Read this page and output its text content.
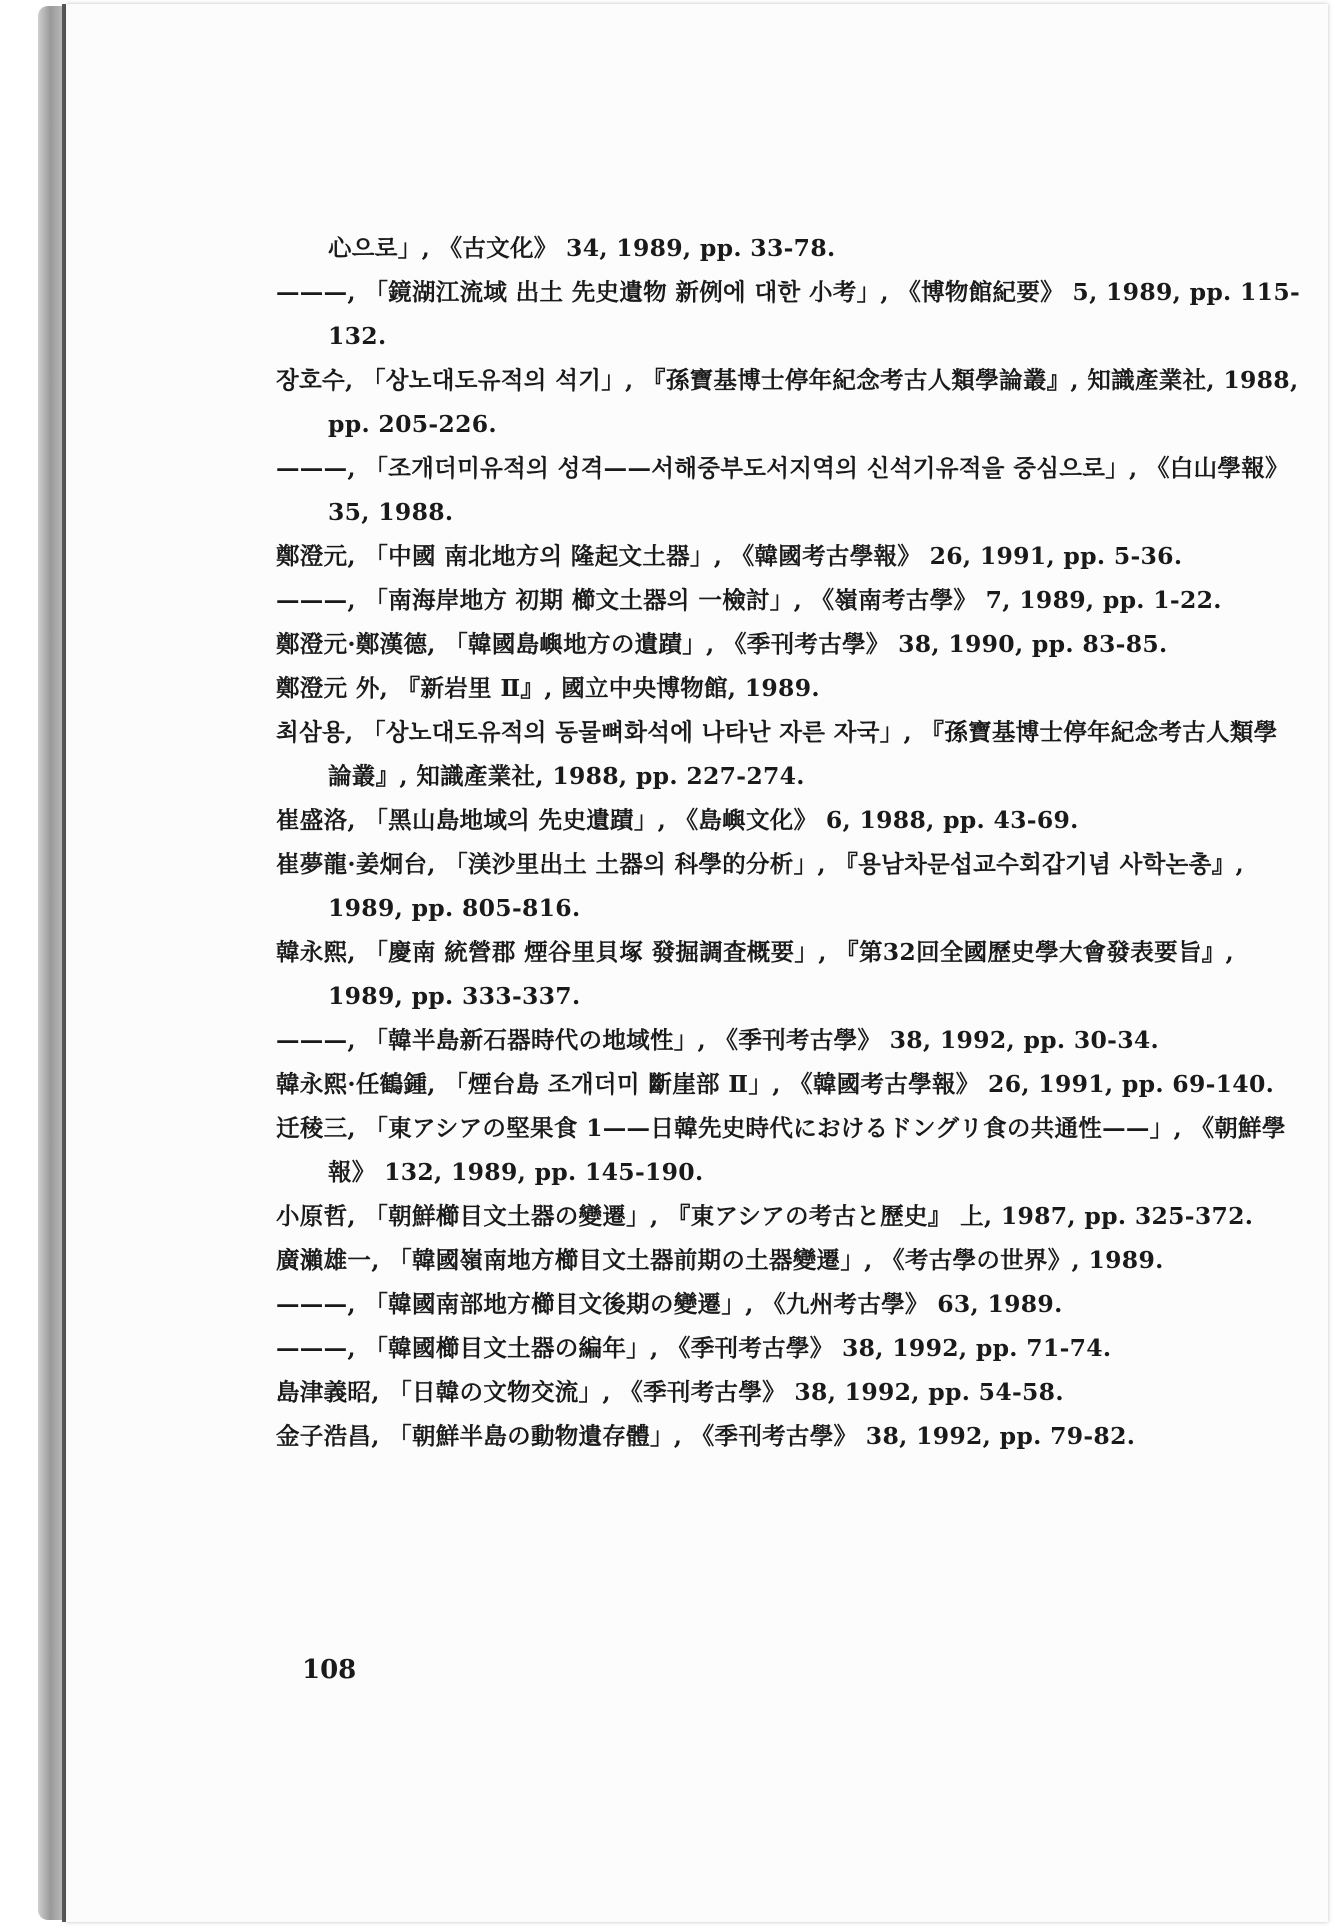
心으로」, 《古文化》 34, 1989, pp. 33-78.

———, 「鏡湖江流域 出土 先史遺物 新例에 대한 小考」, 《博物館紀要》 5, 1989, pp. 115-132.

장호수, 「상노대도유적의 석기」, 『孫寶基博士停年紀念考古人類學論叢』, 知識產業社, 1988, pp. 205-226.

———, 「조개더미유적의 성격——서해중부도서지역의 신석기유적을 중심으로」, 《白山學報》 35, 1988.

鄭澄元, 「中國 南北地方의 隆起文土器」, 《韓國考古學報》 26, 1991, pp. 5-36.

———, 「南海岸地方 初期 櫛文土器의 一檢討」, 《嶺南考古學》 7, 1989, pp. 1-22.

鄭澄元·鄭漢德, 「韓國島嶼地方の遺蹟」, 《季刊考古學》 38, 1990, pp. 83-85.

鄭澄元 外, 『新岩里 Ⅱ』, 國立中央博物館, 1989.

최삼용, 「상노대도유적의 동물뼈화석에 나타난 자른 자국」, 『孫寶基博士停年紀念考古人類學論叢』, 知識產業社, 1988, pp. 227-274.

崔盛洛, 「黑山島地域의 先史遺蹟」, 《島嶼文化》 6, 1988, pp. 43-69.

崔夢龍·姜炯台, 「渼沙里出土 土器의 科學的分析」, 『용남차문섭교수회갑기념 사학논총』, 1989, pp. 805-816.

韓永熙, 「慶南 統營郡 煙谷里貝塚 發掘調査概要」, 『第32回全國歷史學大會發表要旨』, 1989, pp. 333-337.

———, 「韓半島新石器時代の地域性」, 《季刊考古學》 38, 1992, pp. 30-34.

韓永熙·任鶴鍾, 「煙台島 조개더미 斷崖部 Ⅱ」, 《韓國考古學報》 26, 1991, pp. 69-140.

迁稜三, 「東アシアの堅果食 1——日韓先史時代におけるドングリ食の共通性——」, 《朝鮮學報》 132, 1989, pp. 145-190.

小原哲, 「朝鮮櫛目文土器の變遷」, 『東アシアの考古と歷史』 上, 1987, pp. 325-372.

廣瀨雄一, 「韓國嶺南地方櫛目文土器前期の土器變遷」, 《考古學の世界》, 1989.

———, 「韓國南部地方櫛目文後期の變遷」, 《九州考古學》 63, 1989.

———, 「韓國櫛目文土器の編年」, 《季刊考古學》 38, 1992, pp. 71-74.

島津義昭, 「日韓の文物交流」, 《季刊考古學》 38, 1992, pp. 54-58.

金子浩昌, 「朝鮮半島の動物遺存體」, 《季刊考古學》 38, 1992, pp. 79-82.

108
